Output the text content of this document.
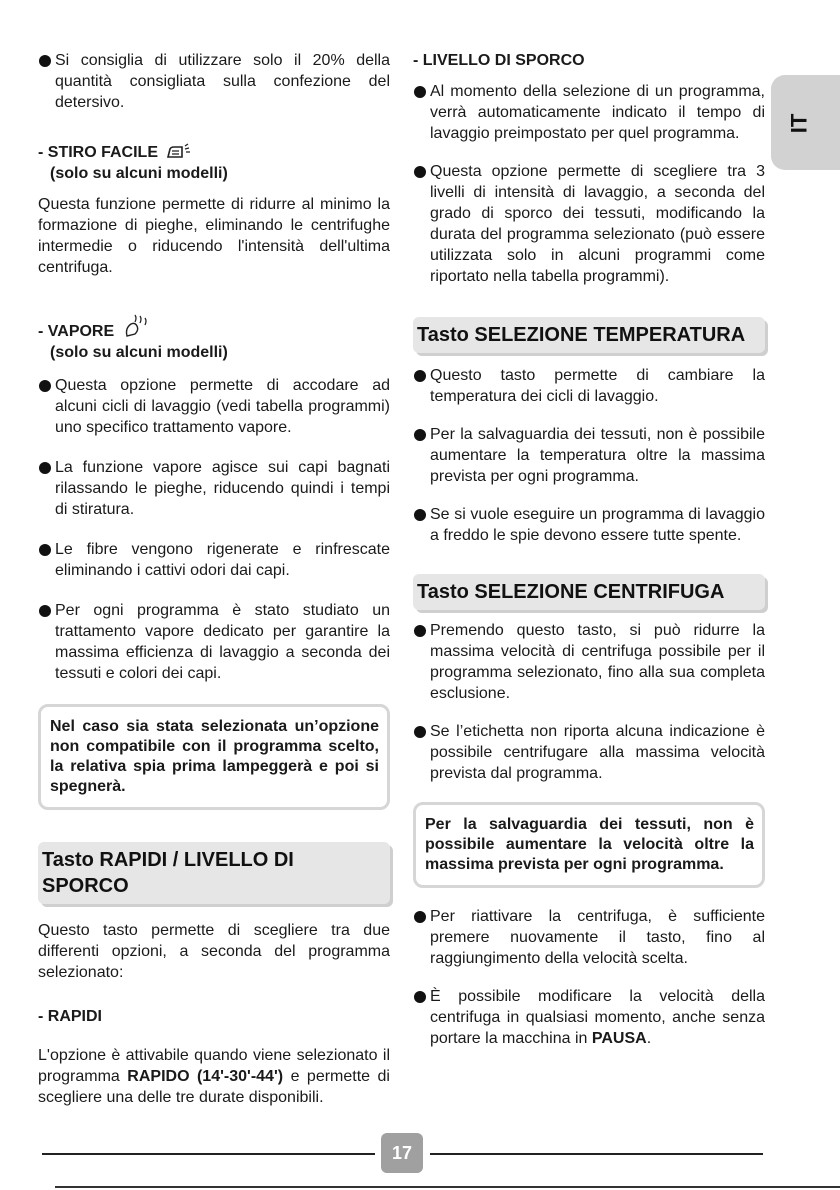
IT
Si consiglia di utilizzare solo il 20% della quantità consigliata sulla confezione del detersivo.
- STIRO FACILE
(solo su alcuni modelli)

Questa funzione permette di ridurre al minimo la formazione di pieghe, eliminando le centrifughe intermedie o riducendo l'intensità dell'ultima centrifuga.

- VAPORE
(solo su alcuni modelli)
Questa opzione permette di accodare ad alcuni cicli di lavaggio (vedi tabella programmi) uno specifico trattamento vapore.
La funzione vapore agisce sui capi bagnati rilassando le pieghe, riducendo quindi i tempi di stiratura.
Le fibre vengono rigenerate e rinfrescate eliminando i cattivi odori dai capi.
Per ogni programma è stato studiato un trattamento vapore dedicato per garantire la massima efficienza di lavaggio a seconda dei tessuti e colori dei capi.
Nel caso sia stata selezionata un’opzione non compatibile con il programma scelto, la relativa spia prima lampeggerà e poi si spegnerà.
Tasto RAPIDI / LIVELLO DI SPORCO

Questo tasto permette di scegliere tra due differenti opzioni, a seconda del programma selezionato:

- RAPIDI

L'opzione è attivabile quando viene selezionato il programma RAPIDO (14'-30'-44') e permette di scegliere una delle tre durate disponibili.

- LIVELLO DI SPORCO
Al momento della selezione di un programma, verrà automaticamente indicato il tempo di lavaggio preimpostato per quel programma.
Questa opzione permette di scegliere tra 3 livelli di intensità di lavaggio, a seconda del grado di sporco dei tessuti, modificando la durata del programma selezionato (può essere utilizzata solo in alcuni programmi come riportato nella tabella programmi).
Tasto SELEZIONE TEMPERATURA
Questo tasto permette di cambiare la temperatura dei cicli di lavaggio.
Per la salvaguardia dei tessuti, non è possibile aumentare la temperatura oltre la massima prevista per ogni programma.
Se si vuole eseguire un programma di lavaggio a freddo le spie devono essere tutte spente.
Tasto SELEZIONE CENTRIFUGA
Premendo questo tasto, si può ridurre la massima velocità di centrifuga possibile per il programma selezionato, fino alla sua completa esclusione.
Se l’etichetta non riporta alcuna indicazione è possibile centrifugare alla massima velocità prevista dal programma.
Per la salvaguardia dei tessuti, non è possibile aumentare la velocità oltre la massima prevista per ogni programma.
Per riattivare la centrifuga, è sufficiente premere nuovamente il tasto, fino al raggiungimento della velocità scelta.
È possibile modificare la velocità della centrifuga in qualsiasi momento, anche senza portare la macchina in PAUSA.
17
